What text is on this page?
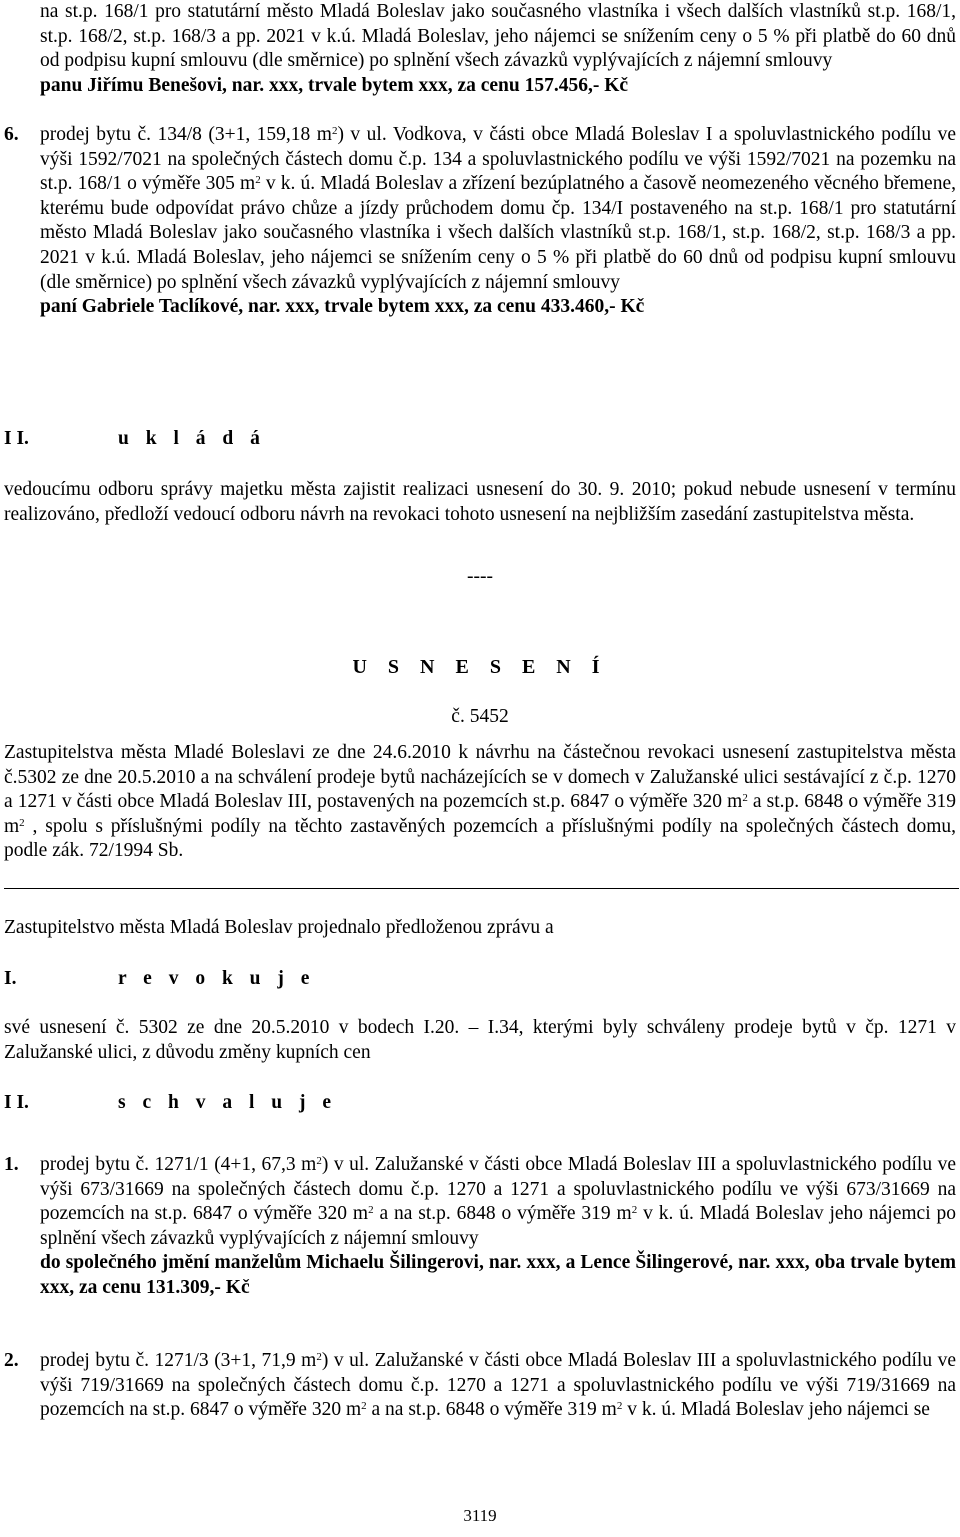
na st.p. 168/1 pro statutární město Mladá Boleslav jako současného vlastníka i všech dalších vlastníků st.p. 168/1, st.p. 168/2, st.p. 168/3 a pp. 2021 v k.ú. Mladá Boleslav, jeho nájemci se snížením ceny o 5 % při platbě do 60 dnů od podpisu kupní smlouvu (dle směrnice) po splnění všech závazků vyplývajících z nájemní smlouvy
panu Jiřímu Benešovi, nar. xxx, trvale bytem xxx, za cenu 157.456,- Kč
6. prodej bytu č. 134/8 (3+1, 159,18 $m^2$) v ul. Vodkova, v části obce Mladá Boleslav I a spoluvlastnického podílu ve výši 1592/7021 na společných částech domu č.p. 134 a spoluvlastnického podílu ve výši 1592/7021 na pozemku na st.p. 168/1 o výměře 305 $m^2$ v k. ú. Mladá Boleslav a zřízení bezúplatného a časově neomezeného věcného břemene, kterému bude odpovídat právo chůze a jízdy průchodem domu čp. 134/I postaveného na st.p. 168/1 pro statutární město Mladá Boleslav jako současného vlastníka i všech dalších vlastníků st.p. 168/1, st.p. 168/2, st.p. 168/3 a pp. 2021 v k.ú. Mladá Boleslav, jeho nájemci se snížením ceny o 5 % při platbě do 60 dnů od podpisu kupní smlouvu (dle směrnice) po splnění všech závazků vyplývajících z nájemní smlouvy
paní Gabriele Taclíkové, nar. xxx, trvale bytem xxx, za cenu 433.460,- Kč
I I.	u k l á d á
vedoucímu odboru správy majetku města zajistit realizaci usnesení do 30. 9. 2010; pokud nebude usnesení v termínu realizováno, předloží vedoucí odboru návrh na revokaci tohoto usnesení na nejbližším zasedání zastupitelstva města.
----
U S N E S E N Í
č. 5452
Zastupitelstva města Mladé Boleslavi ze dne 24.6.2010 k návrhu na částečnou revokaci usnesení zastupitelstva města č.5302 ze dne 20.5.2010 a na schválení prodeje bytů nacházejících se v domech v Zalužanské ulici sestávající z č.p. 1270 a 1271 v části obce Mladá Boleslav III, postavených na pozemcích st.p. 6847 o výměře 320 $m^2$ a st.p. 6848 o výměře 319 $m^2$ , spolu s příslušnými podíly na těchto zastavěných pozemcích a příslušnými podíly na společných částech domu, podle zák. 72/1994 Sb.
Zastupitelstvo města Mladá Boleslav projednalo předloženou zprávu a
I.	r e v o k u j e
své usnesení č. 5302 ze dne 20.5.2010 v bodech I.20. – I.34, kterými byly schváleny prodeje bytů v čp. 1271 v Zalužanské ulici, z důvodu změny kupních cen
I I.	s c h v a l u j e
1. prodej bytu č. 1271/1 (4+1, 67,3 $m^2$) v ul. Zalužanské v části obce Mladá Boleslav III a spoluvlastnického podílu ve výši 673/31669 na společných částech domu č.p. 1270 a 1271 a spoluvlastnického podílu ve výši 673/31669 na pozemcích na st.p. 6847 o výměře 320 $m^2$ a na st.p. 6848 o výměře 319 $m^2$ v k. ú. Mladá Boleslav jeho nájemci po splnění všech závazků vyplývajících z nájemní smlouvy
do společného jmění manželům Michaelu Šilingerovi, nar. xxx, a Lence Šilingerové, nar. xxx, oba trvale bytem xxx, za cenu 131.309,- Kč
2. prodej bytu č. 1271/3 (3+1, 71,9 $m^2$) v ul. Zalužanské v části obce Mladá Boleslav III a spoluvlastnického podílu ve výši 719/31669 na společných částech domu č.p. 1270 a 1271 a spoluvlastnického podílu ve výši 719/31669 na pozemcích na st.p. 6847 o výměře 320 $m^2$ a na st.p. 6848 o výměře 319 $m^2$ v k. ú. Mladá Boleslav jeho nájemci se
3119
